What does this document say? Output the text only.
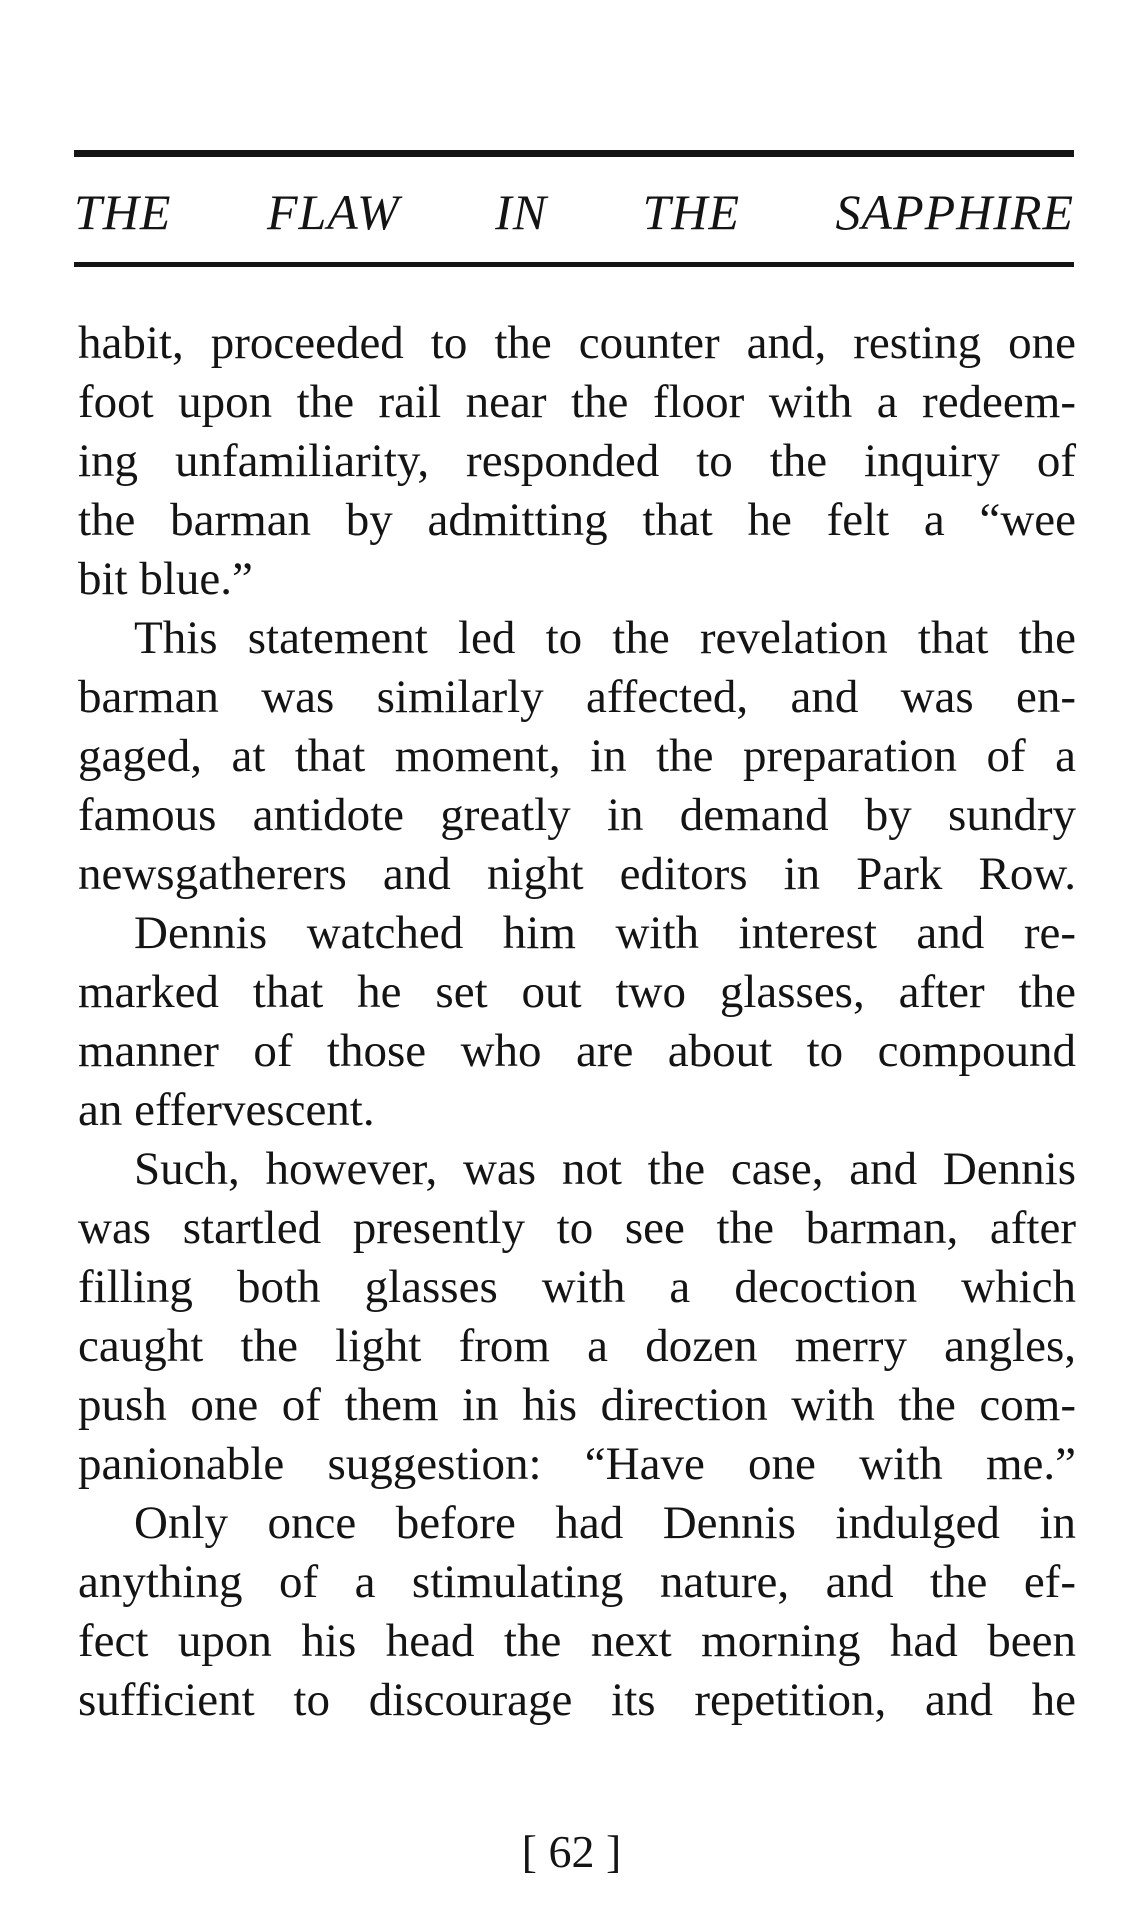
THE FLAW IN THE SAPPHIRE
habit, proceeded to the counter and, resting one
foot upon the rail near the floor with a redeem-
ing unfamiliarity, responded to the inquiry of
the barman by admitting that he felt a “wee
bit blue.”
This statement led to the revelation that the
barman was similarly affected, and was en-
gaged, at that moment, in the preparation of a
famous antidote greatly in demand by sundry
newsgatherers and night editors in Park Row.
Dennis watched him with interest and re-
marked that he set out two glasses, after the
manner of those who are about to compound
an effervescent.
Such, however, was not the case, and Dennis
was startled presently to see the barman, after
filling both glasses with a decoction which
caught the light from a dozen merry angles,
push one of them in his direction with the com-
panionable suggestion: “Have one with me.”
Only once before had Dennis indulged in
anything of a stimulating nature, and the ef-
fect upon his head the next morning had been
sufficient to discourage its repetition, and he
[ 62 ]
